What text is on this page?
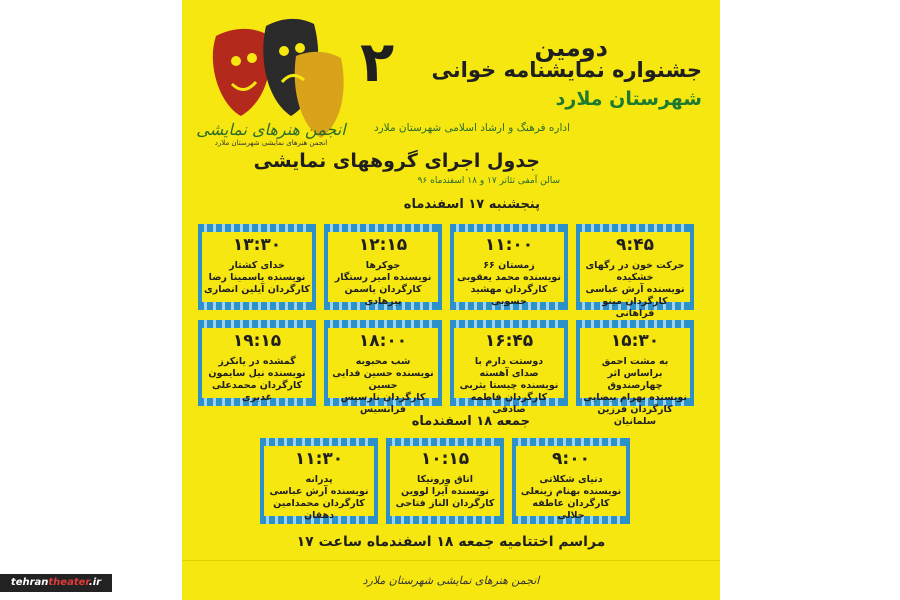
۲	دومین
جشنواره نمایشنامه خوانی
شهرستان ملارد
اداره فرهنگ و ارشاد اسلامی شهرستان ملارد
جدول اجرای گروههای نمایشی
سالن آمفی تئاتر ۱۷ و ۱۸ اسفندماه ۹۶
انجمن هنرهای نمایشی
انجمن هنرهای نمایشی شهرستان ملارد
پنجشنبه ۱۷ اسفندماه
۹:۴۵
حرکت خون در رگهای خشکیده
نویسنده آرش عباسی
کارگردان مینو فراهانی
۱۱:۰۰
زمستان ۶۶
نویسنده محمد یعقوبی
کارگردان مهشید حسوبی
۱۲:۱۵
جوکرها
نویسنده امیر رستگار
کارگردان یاسمن پیرهادی
۱۳:۳۰
خدای کشتار
نویسنده یاسمینا رضا
کارگردان آیلین انصاری
۱۵:۳۰
به مشت احمق
براساس اثر چهارصندوق
نویسنده بهرام بیضایی
کارگردان فرزین سلمانیان
۱۶:۴۵
دوستت دارم با
صدای آهسته
نویسنده چیستا یثربی
کارگردان فاطمه صادقی
۱۸:۰۰
شب محبوبه
نویسنده حسین فدایی حسین
کارگردان نارسیس فرانسیس
۱۹:۱۵
گمشده در یانکرز
نویسنده نیل سایمون
کارگردان محمدعلی غدیری
جمعه ۱۸ اسفندماه
۹:۰۰
دنیای شکلاتی
نویسنده بهنام زینعلی
کارگردان عاطفه جلالی
۱۰:۱۵
اتاق ورونیکا
نویسنده آیرا لووین
کارگردان الناز فتاحی
۱۱:۳۰
پدرانه
نویسنده آرش عباسی
کارگردان محمدامین دهقان
مراسم اختتامیه جمعه ۱۸ اسفندماه ساعت ۱۷
انجمن هنرهای نمایشی شهرستان ملارد
tehrantheater.ir
